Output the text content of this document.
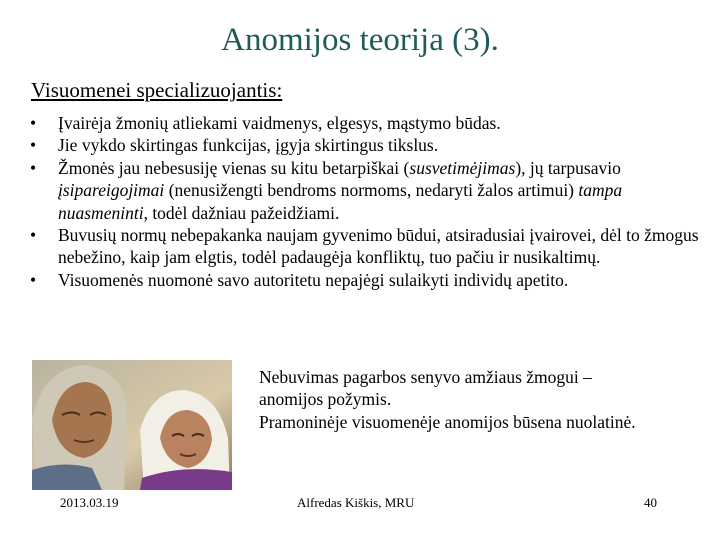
Anomijos teorija (3).
Visuomenei specializuojantis:
• Įvairėja žmonių atliekami vaidmenys, elgesys, mąstymo būdas.
• Jie vykdo skirtingas funkcijas, įgyja skirtingus tikslus.
• Žmonės jau nebesusiję vienas su kitu betarpiškai (susvetimėjimas), jų tarpusavio įsipareigojimai (nenusižengti bendroms normoms, nedaryti žalos artimui) tampa nuasmeninti, todėl dažniau pažeidžiami.
• Buvusių normų nebepakanka naujam gyvenimo būdui, atsiradusiai įvairovei, dėl to žmogus nebežino, kaip jam elgtis, todėl padaugėja konfliktų, tuo pačiu ir nusikaltimų.
• Visuomenės nuomonė savo autoritetu nepajėgi sulaikyti individų apetito.
Nebuvimas pagarbos senyvo amžiaus žmogui – anomijos požymis.
Pramoninėje visuomenėje anomijos būsena nuolatinė.
2013.03.19	Alfredas Kiškis, MRU	40
